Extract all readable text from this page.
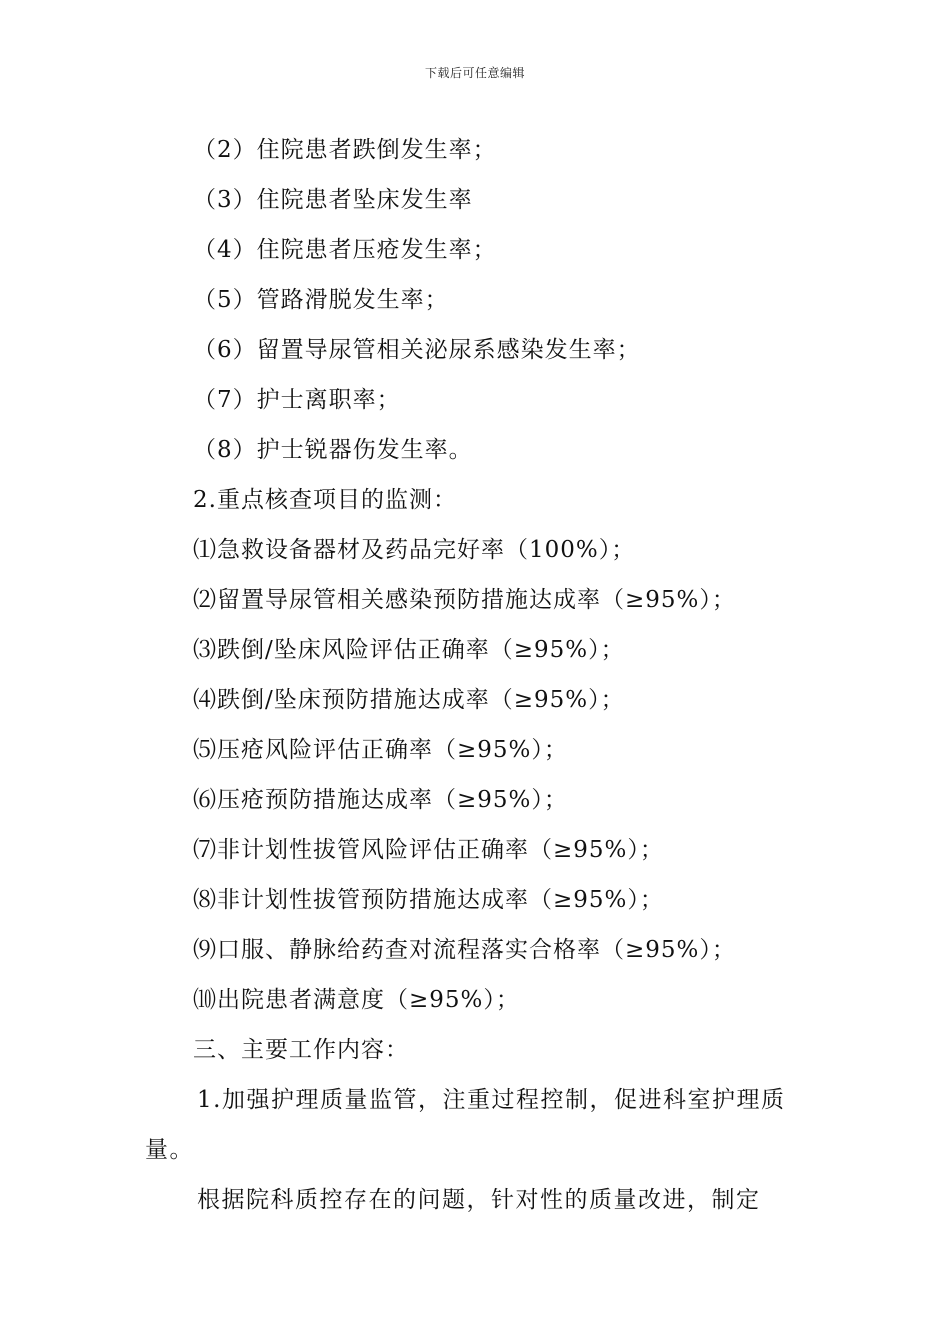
下载后可任意编辑
（2）住院患者跌倒发生率；
（3）住院患者坠床发生率
（4）住院患者压疮发生率；
（5）管路滑脱发生率；
（6）留置导尿管相关泌尿系感染发生率；
（7）护士离职率；
（8）护士锐器伤发生率。
2.重点核查项目的监测：
⑴急救设备器材及药品完好率（100%）；
⑵留置导尿管相关感染预防措施达成率（≥95%）；
⑶跌倒/坠床风险评估正确率（≥95%）；
⑷跌倒/坠床预防措施达成率（≥95%）；
⑸压疮风险评估正确率（≥95%）；
⑹压疮预防措施达成率（≥95%）；
⑺非计划性拔管风险评估正确率（≥95%）；
⑻非计划性拔管预防措施达成率（≥95%）；
⑼口服、静脉给药查对流程落实合格率（≥95%）；
⑽出院患者满意度（≥95%）；
三、主要工作内容：

1.加强护理质量监管，注重过程控制，促进科室护理质量。

根据院科质控存在的问题，针对性的质量改进，制定
